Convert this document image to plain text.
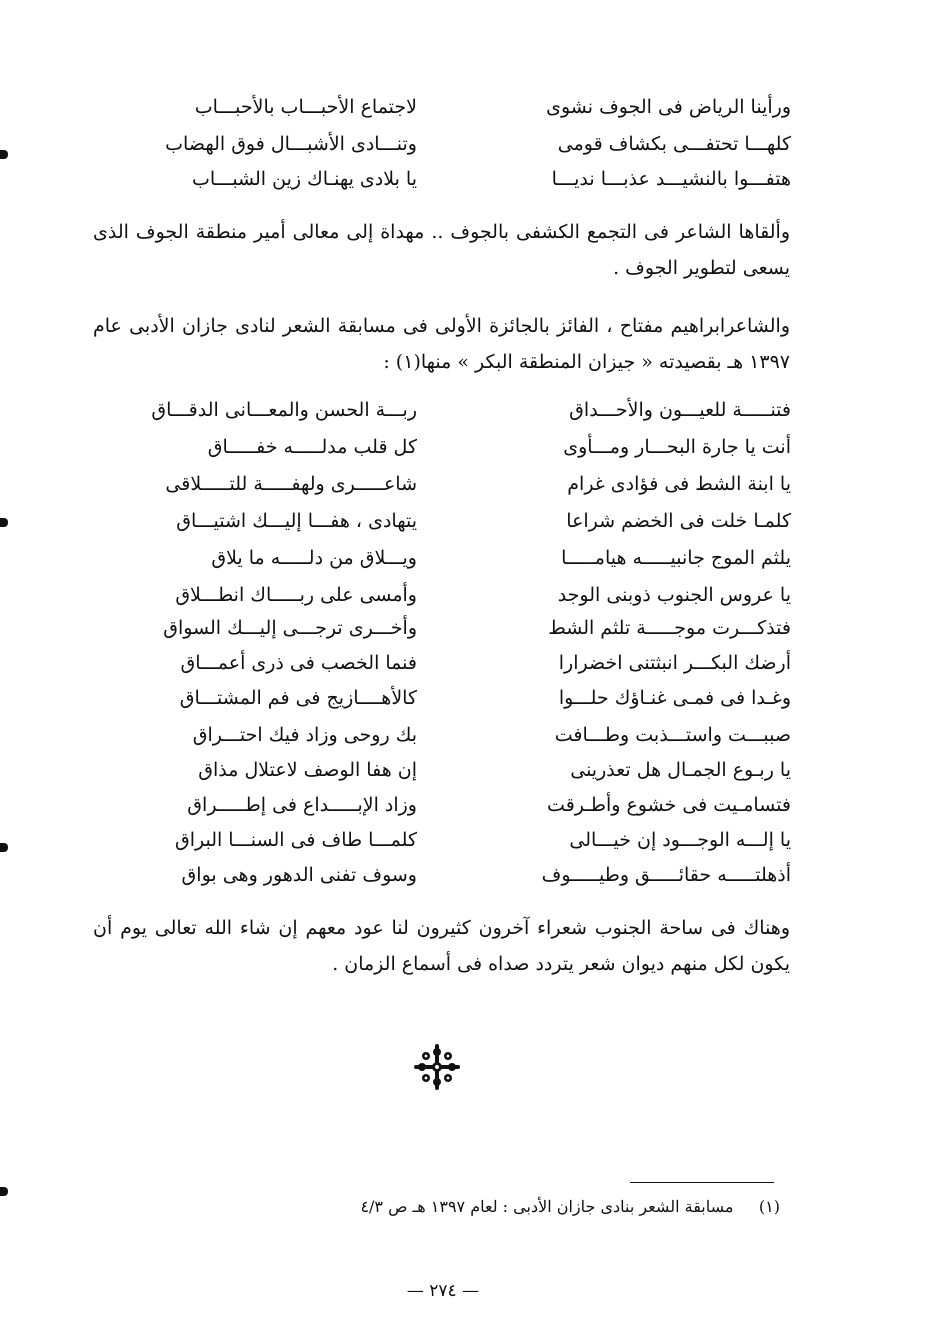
ورأينا الرياض فى الجوف نشوى
لاجتماع الأحبـــاب بالأحبـــاب
كلهـــا تحتفـــى بكشاف قومى
وتنـــادى الأشبـــال فوق الهضاب
هتفـــوا بالنشيـــد عذبـــا نديـــا
يا بلادى يهنـاك زين الشبـــاب
وألقاها الشاعر فى التجمع الكشفى بالجوف .. مهداة إلى معالى أمير منطقة الجوف الذى يسعى لتطوير الجوف .
والشاعرابراهيم مفتاح ، الفائز بالجائزة الأولى فى مسابقة الشعر لنادى جازان الأدبى عام ١٣٩٧ هـ بقصيدته « جيزان المنطقة البكر » منها(١) :
فتنـــــة للعيـــون والأحـــداق
ربـــة الحسن والمعـــانى الدقـــاق
أنت يا جارة البحـــار ومـــأوى
كل قلب مدلـــــه خفـــــاق
يا ابنة الشط فى فؤادى غرام
شاعـــــرى ولهفـــــة للتـــــلاقى
كلمـا خلت فى الخضم شراعا
يتهادى ، هفـــا إليـــك اشتيـــاق
يلثم الموج جانبيـــــه هيامـــــا
ويـــلاق من دلـــــه ما يلاق
يا عروس الجنوب ذوبنى الوجد
وأمسى على ربـــــاك انطـــلاق
فتذكـــرت موجـــــة تلثم الشط
وأخـــرى ترجـــى إليـــك السواق
أرضك البكـــر انبثتنى اخضرارا
فنما الخصب فى ذرى أعمـــاق
وغـدا فى فمـى غنـاؤك حلـــوا
كالأهــــازيج فى فم المشتـــاق
صببـــت واستـــذبت وطـــافت
بك روحى وزاد فيك احتـــراق
يا ربـوع الجمـال هل تعذرينى
إن هفا الوصف لاعتلال مذاق
فتسامـيت فى خشوع وأطـرقت
وزاد الإبـــــداع فى إطـــــراق
يا إلـــه الوجـــود إن خيـــالى
كلمـــا طاف فى السنـــا البراق
أذهلتـــــه حقائـــــق وطيـــــوف
وسوف تفنى الدهور وهى بواق
وهناك فى ساحة الجنوب شعراء آخرون كثيرون لنا عود معهم إن شاء الله تعالى يوم أن يكون لكل منهم ديوان شعر يتردد صداه فى أسماع الزمان .
(١)     مسابقة الشعر بنادى جازان الأدبى : لعام ١٣٩٧ هـ ص ٤/٣
— ٢٧٤ —
